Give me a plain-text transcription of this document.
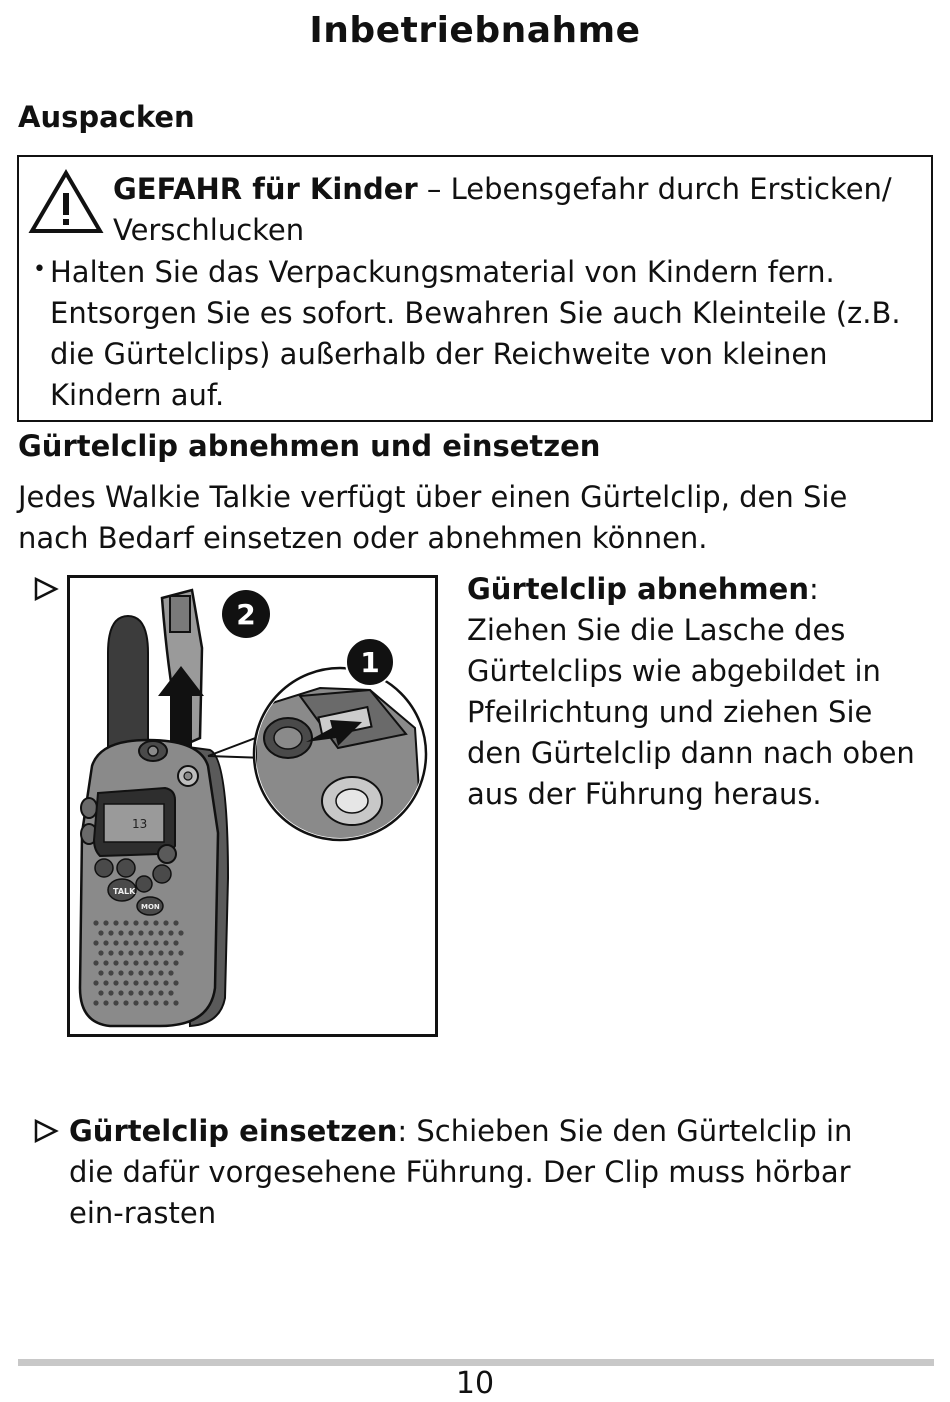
Inbetriebnahme
Auspacken
GEFAHR für Kinder – Lebensgefahr durch Ersticken/ Verschlucken
• Halten Sie das Verpackungsmaterial von Kindern fern. Entsorgen Sie es sofort. Bewahren Sie auch Kleinteile (z.B. die Gürtelclips) außerhalb der Reichweite von kleinen Kindern auf.
Gürtelclip abnehmen und einsetzen
Jedes Walkie Talkie verfügt über einen Gürtelclip, den Sie nach Bedarf einsetzen oder abnehmen können.
13
TALK
MON
2
1
Gürtelclip abnehmen: Ziehen Sie die Lasche des Gürtelclips wie abgebildet in Pfeilrichtung und ziehen Sie den Gürtelclip dann nach oben aus der Führung heraus.
Gürtelclip einsetzen: Schieben Sie den Gürtelclip in die dafür vorgesehene Führung. Der Clip muss hörbar ein-rasten
10
